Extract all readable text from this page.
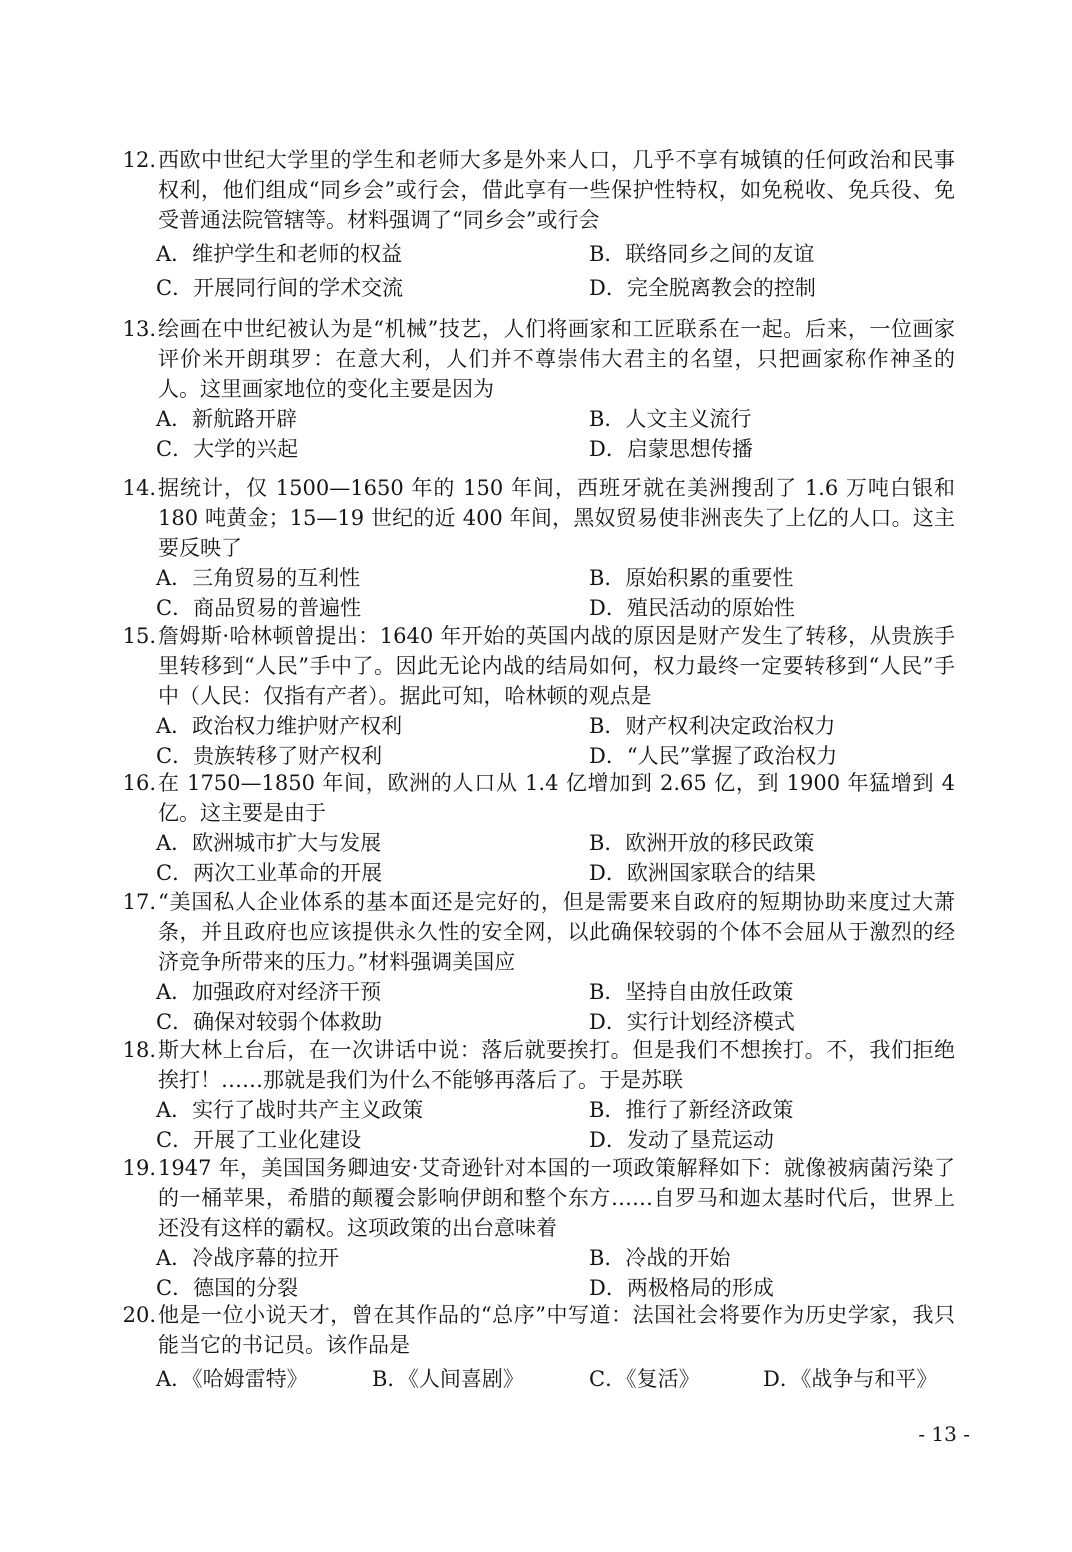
12. 西欧中世纪大学里的学生和老师大多是外来人口，几乎不享有城镇的任何政治和民事权利，他们组成“同乡会”或行会，借此享有一些保护性特权，如免税收、免兵役、免受普通法院管辖等。材料强调了“同乡会”或行会
A．维护学生和老师的权益	B．联络同乡之间的友谊
C．开展同行间的学术交流	D．完全脱离教会的控制
13. 绘画在中世纪被认为是“机械”技艺，人们将画家和工匠联系在一起。后来，一位画家评价米开朗琪罗：在意大利，人们并不尊崇伟大君主的名望，只把画家称作神圣的人。这里画家地位的变化主要是因为
A．新航路开辟	B．人文主义流行
C．大学的兴起	D．启蒙思想传播
14. 据统计，仅 1500—1650 年的 150 年间，西班牙就在美洲搜刮了 1.6 万吨白银和 180 吨黄金；15—19 世纪的近 400 年间，黑奴贸易使非洲丧失了上亿的人口。这主要反映了
A．三角贸易的互利性	B．原始积累的重要性
C．商品贸易的普遍性	D．殖民活动的原始性
15. 詹姆斯·哈林顿曾提出：1640 年开始的英国内战的原因是财产发生了转移，从贵族手里转移到“人民”手中了。因此无论内战的结局如何，权力最终一定要转移到“人民”手中（人民：仅指有产者）。据此可知，哈林顿的观点是
A．政治权力维护财产权利	B．财产权利决定政治权力
C．贵族转移了财产权利	D．“人民”掌握了政治权力
16. 在 1750—1850 年间，欧洲的人口从 1.4 亿增加到 2.65 亿，到 1900 年猛增到 4 亿。这主要是由于
A．欧洲城市扩大与发展	B．欧洲开放的移民政策
C．两次工业革命的开展	D．欧洲国家联合的结果
17. “美国私人企业体系的基本面还是完好的，但是需要来自政府的短期协助来度过大萧条，并且政府也应该提供永久性的安全网，以此确保较弱的个体不会屈从于激烈的经济竞争所带来的压力。”材料强调美国应
A．加强政府对经济干预	B．坚持自由放任政策
C．确保对较弱个体救助	D．实行计划经济模式
18. 斯大林上台后，在一次讲话中说：落后就要挨打。但是我们不想挨打。不，我们拒绝挨打！……那就是我们为什么不能够再落后了。于是苏联
A．实行了战时共产主义政策	B．推行了新经济政策
C．开展了工业化建设	D．发动了垦荒运动
19. 1947 年，美国国务卿迪安·艾奇逊针对本国的一项政策解释如下：就像被病菌污染了的一桶苹果，希腊的颠覆会影响伊朗和整个东方……自罗马和迦太基时代后，世界上还没有这样的霸权。这项政策的出台意味着
A．冷战序幕的拉开	B．冷战的开始
C．德国的分裂	D．两极格局的形成
20. 他是一位小说天才，曾在其作品的“总序”中写道：法国社会将要作为历史学家，我只能当它的书记员。该作品是
A．《哈姆雷特》	B．《人间喜剧》	C．《复活》	D．《战争与和平》
- 13 -
